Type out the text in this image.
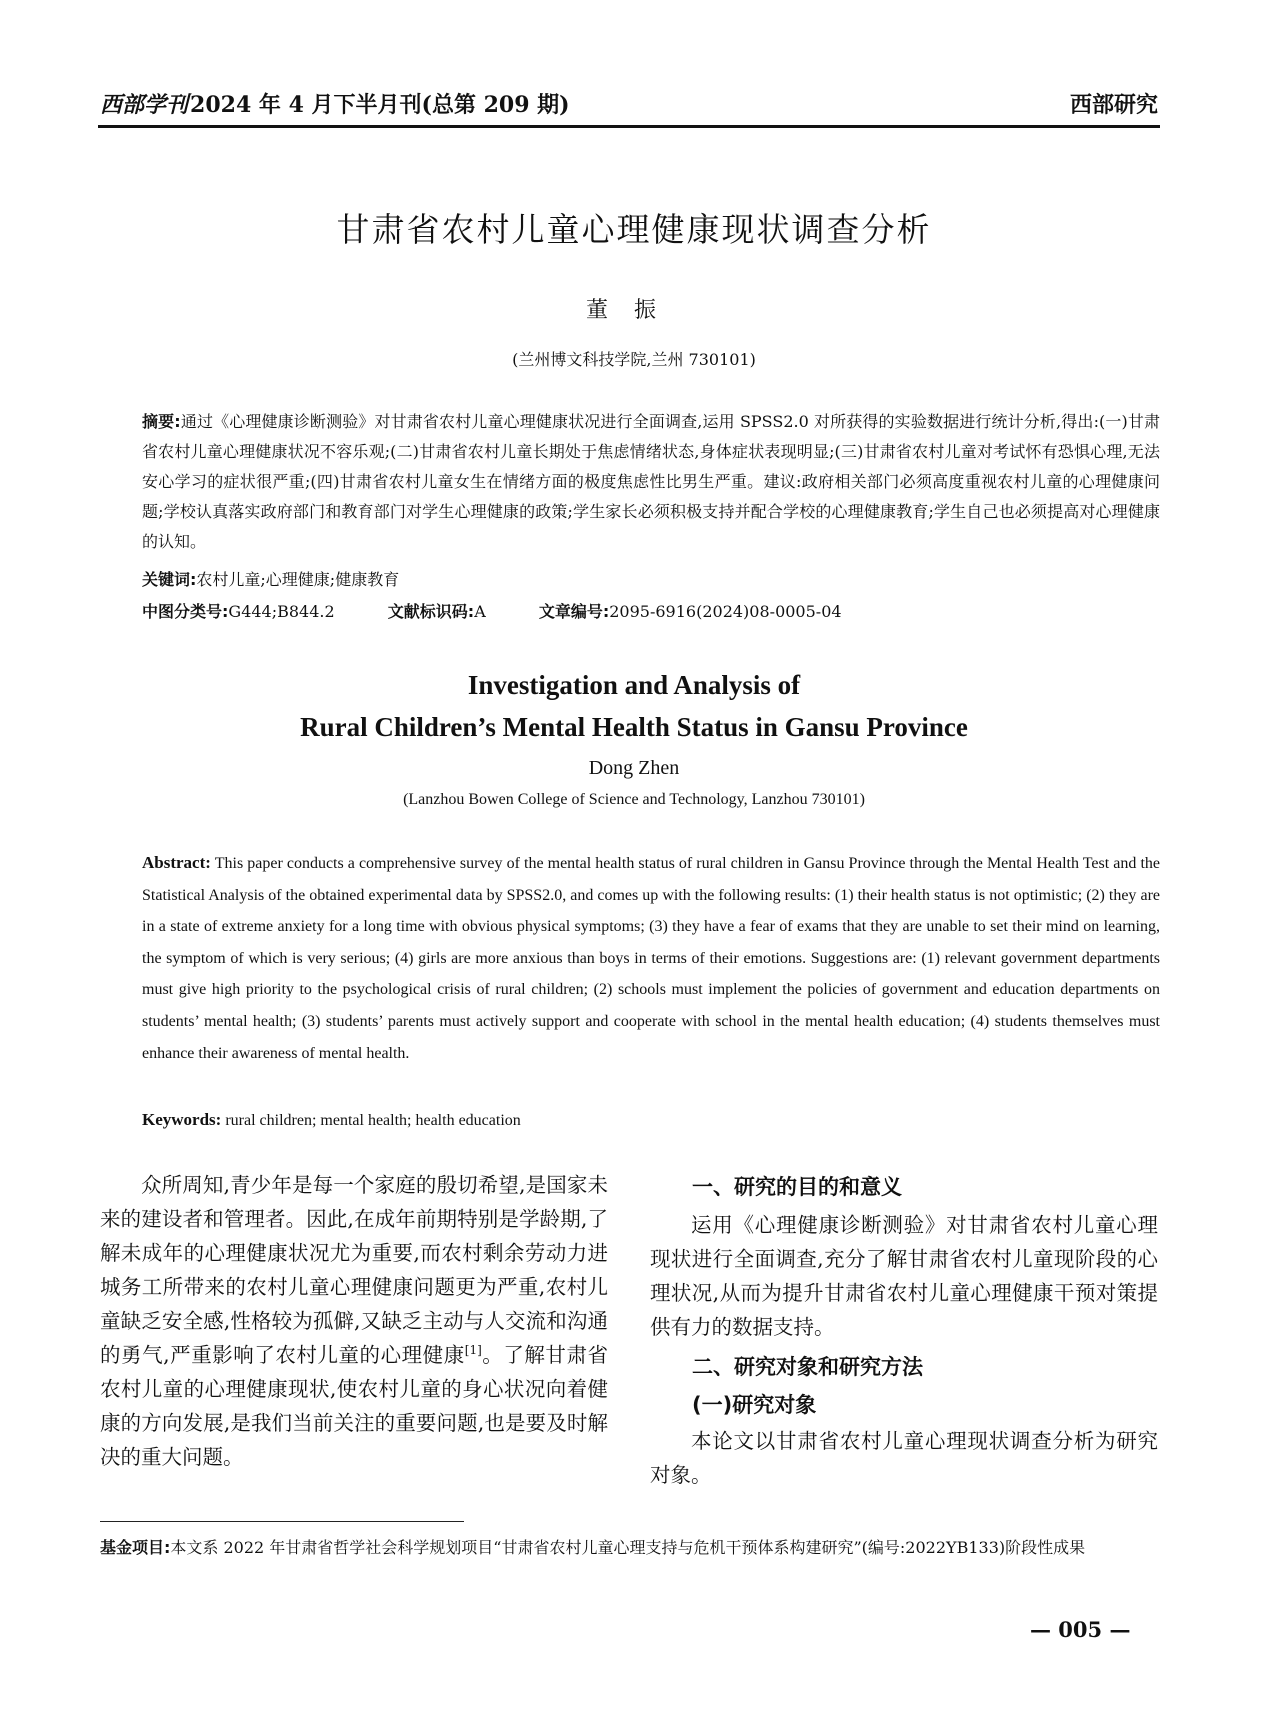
西部学刊2024 年 4 月下半月刊(总第 209 期)	西部研究
甘肃省农村儿童心理健康现状调查分析
董振
(兰州博文科技学院,兰州 730101)
摘要:通过《心理健康诊断测验》对甘肃省农村儿童心理健康状况进行全面调查,运用 SPSS2.0 对所获得的实验数据进行统计分析,得出:(一)甘肃省农村儿童心理健康状况不容乐观;(二)甘肃省农村儿童长期处于焦虑情绪状态,身体症状表现明显;(三)甘肃省农村儿童对考试怀有恐惧心理,无法安心学习的症状很严重;(四)甘肃省农村儿童女生在情绪方面的极度焦虑性比男生严重。建议:政府相关部门必须高度重视农村儿童的心理健康问题;学校认真落实政府部门和教育部门对学生心理健康的政策;学生家长必须积极支持并配合学校的心理健康教育;学生自己也必须提高对心理健康的认知。
关键词:农村儿童;心理健康;健康教育
中图分类号:G444;B844.2	文献标识码:A	文章编号:2095-6916(2024)08-0005-04
Investigation and Analysis of
Rural Children’s Mental Health Status in Gansu Province
Dong Zhen
(Lanzhou Bowen College of Science and Technology, Lanzhou 730101)
Abstract: This paper conducts a comprehensive survey of the mental health status of rural children in Gansu Province through the Mental Health Test and the Statistical Analysis of the obtained experimental data by SPSS2.0, and comes up with the following results: (1) their health status is not optimistic; (2) they are in a state of extreme anxiety for a long time with obvious physical symptoms; (3) they have a fear of exams that they are unable to set their mind on learning, the symptom of which is very serious; (4) girls are more anxious than boys in terms of their emotions. Suggestions are: (1) relevant government departments must give high priority to the psychological crisis of rural children; (2) schools must implement the policies of government and education departments on students’ mental health; (3) students’ parents must actively support and cooperate with school in the mental health education; (4) students themselves must enhance their awareness of mental health.
Keywords: rural children; mental health; health education

众所周知,青少年是每一个家庭的殷切希望,是国家未来的建设者和管理者。因此,在成年前期特别是学龄期,了解未成年的心理健康状况尤为重要,而农村剩余劳动力进城务工所带来的农村儿童心理健康问题更为严重,农村儿童缺乏安全感,性格较为孤僻,又缺乏主动与人交流和沟通的勇气,严重影响了农村儿童的心理健康[1]。了解甘肃省农村儿童的心理健康现状,使农村儿童的身心状况向着健康的方向发展,是我们当前关注的重要问题,也是要及时解决的重大问题。

一、研究的目的和意义

运用《心理健康诊断测验》对甘肃省农村儿童心理现状进行全面调查,充分了解甘肃省农村儿童现阶段的心理状况,从而为提升甘肃省农村儿童心理健康干预对策提供有力的数据支持。

二、研究对象和研究方法
(一)研究对象

本论文以甘肃省农村儿童心理现状调查分析为研究对象。

基金项目:本文系 2022 年甘肃省哲学社会科学规划项目“甘肃省农村儿童心理支持与危机干预体系构建研究”(编号:2022YB133)阶段性成果
— 005 —
